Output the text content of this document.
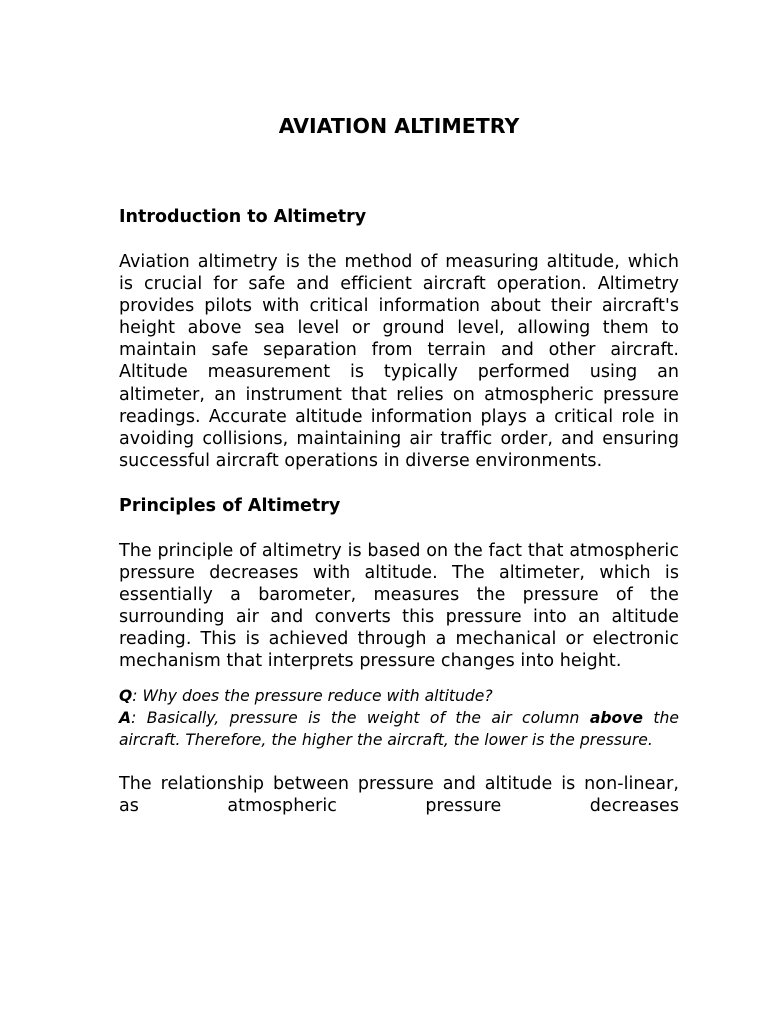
AVIATION ALTIMETRY
Introduction to Altimetry

Aviation altimetry is the method of measuring altitude, which is crucial for safe and efficient aircraft operation. Altimetry provides pilots with critical information about their aircraft's height above sea level or ground level, allowing them to maintain safe separation from terrain and other aircraft. Altitude measurement is typically performed using an altimeter, an instrument that relies on atmospheric pressure readings. Accurate altitude information plays a critical role in avoiding collisions, maintaining air traffic order, and ensuring successful aircraft operations in diverse environments.

Principles of Altimetry

The principle of altimetry is based on the fact that atmospheric pressure decreases with altitude. The altimeter, which is essentially a barometer, measures the pressure of the surrounding air and converts this pressure into an altitude reading. This is achieved through a mechanical or electronic mechanism that interprets pressure changes into height.

Q: Why does the pressure reduce with altitude?

A: Basically, pressure is the weight of the air column above the aircraft. Therefore, the higher the aircraft, the lower is the pressure.

The relationship between pressure and altitude is non-linear, as atmospheric pressure decreases
